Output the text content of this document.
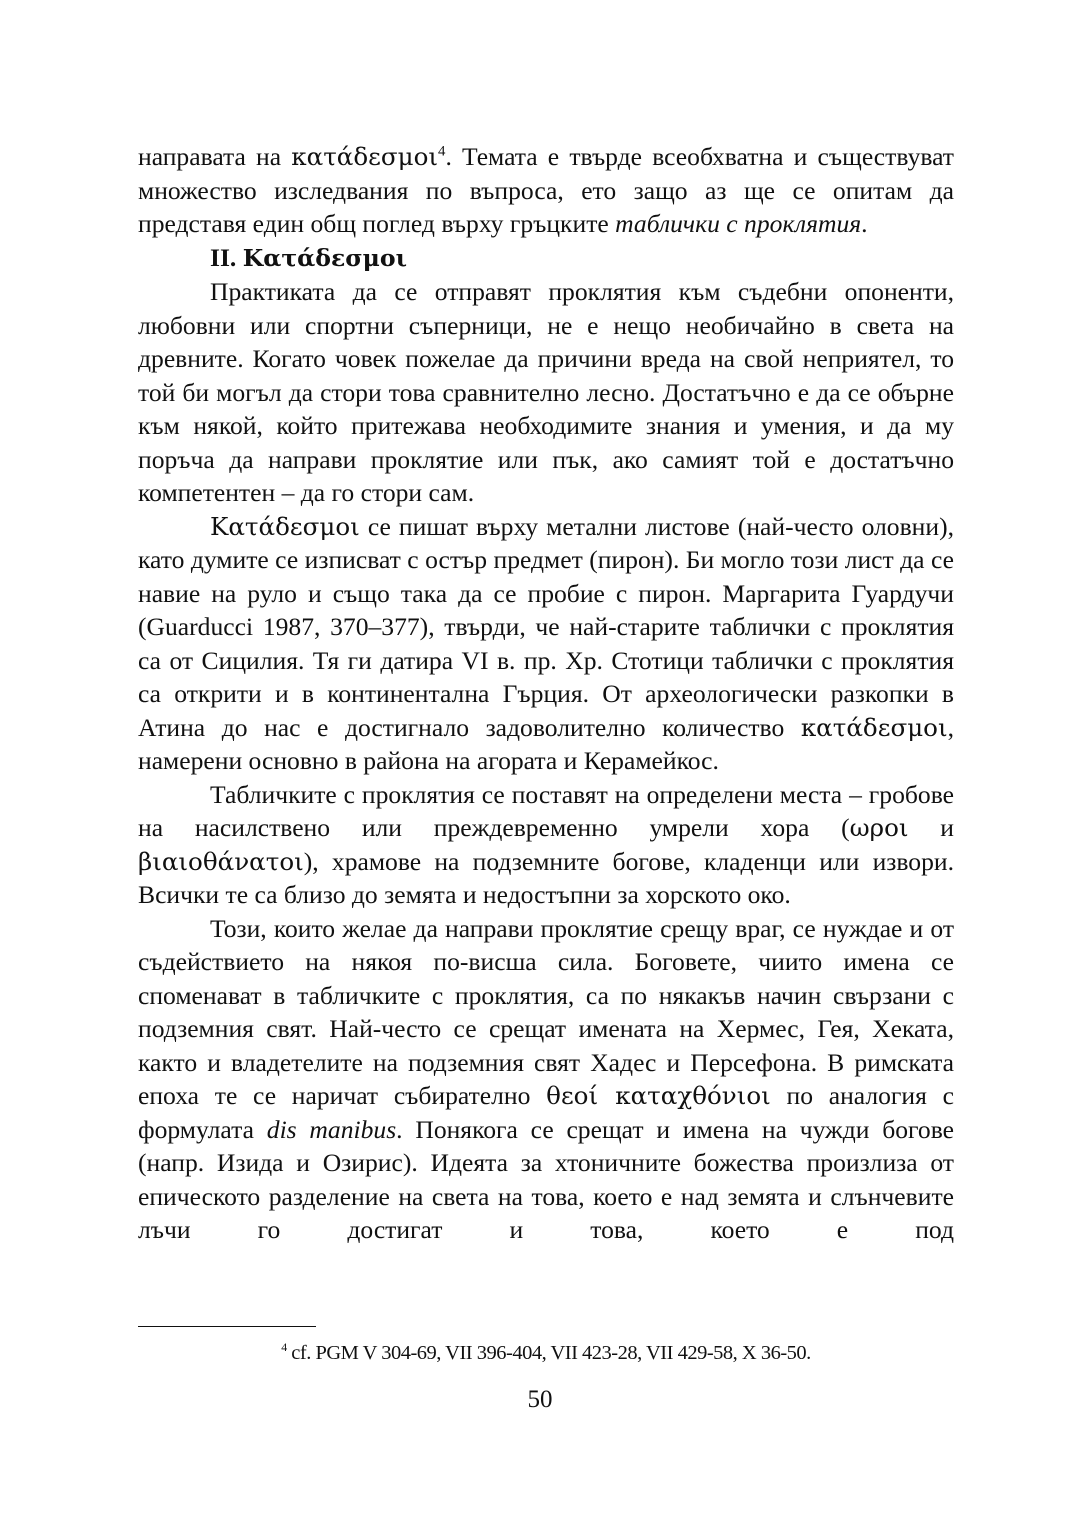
направата на κατάδεσμοι$^4$. Темата е твърде всеобхватна и съществуват множество изследвания по въпроса, ето защо аз ще се опитам да представя един общ поглед върху гръцките таблички с проклятия.

II. Κατάδεσμοι

Практиката да се отправят проклятия към съдебни опоненти, любовни или спортни съперници, не е нещо необичайно в света на древните. Когато човек пожелае да причини вреда на свой неприятел, то той би могъл да стори това сравнително лесно. Достатъчно е да се обърне към някой, който притежава необходимите знания и умения, и да му поръча да направи проклятие или пък, ако самият той е достатъчно компетентен – да го стори сам.

Κατάδεσμοι се пишат върху метални листове (най-често оловни), като думите се изписват с остър предмет (пирон). Би могло този лист да се навие на руло и също така да се пробие с пирон. Маргарита Гуардучи (Guarducci 1987, 370–377), твърди, че най-старите таблички с проклятия са от Сицилия. Тя ги датира VI в. пр. Хр. Стотици таблички с проклятия са открити и в континентална Гърция. От археологически разкопки в Атина до нас е достигнало задоволително количество κατάδεσμοι, намерени основно в района на агората и Керамейкос.

Табличките с проклятия се поставят на определени места – гробове на насилствено или преждевременно умрели хора (ωροι и βιαιοθάνατοι), храмове на подземните богове, кладенци или извори. Всички те са близо до земята и недостъпни за хорското око.

Този, които желае да направи проклятие срещу враг, се нуждае и от съдействието на някоя по-висша сила. Боговете, чиито имена се споменават в табличките с проклятия, са по някакъв начин свързани с подземния свят. Най-често се срещат имената на Хермес, Гея, Хеката, както и владетелите на подземния свят Хадес и Персефона. В римската епоха те се наричат събирателно θεοί καταχθόνιοι по аналогия с формулата dis manibus. Понякога се срещат и имена на чужди богове (напр. Изида и Озирис). Идеята за хтоничните божества произлиза от епическото разделение на света на това, което е над земята и слънчевите лъчи го достигат и това, което е под

$^4$ cf. PGM V 304-69, VII 396-404, VII 423-28, VII 429-58, X 36-50.
50
